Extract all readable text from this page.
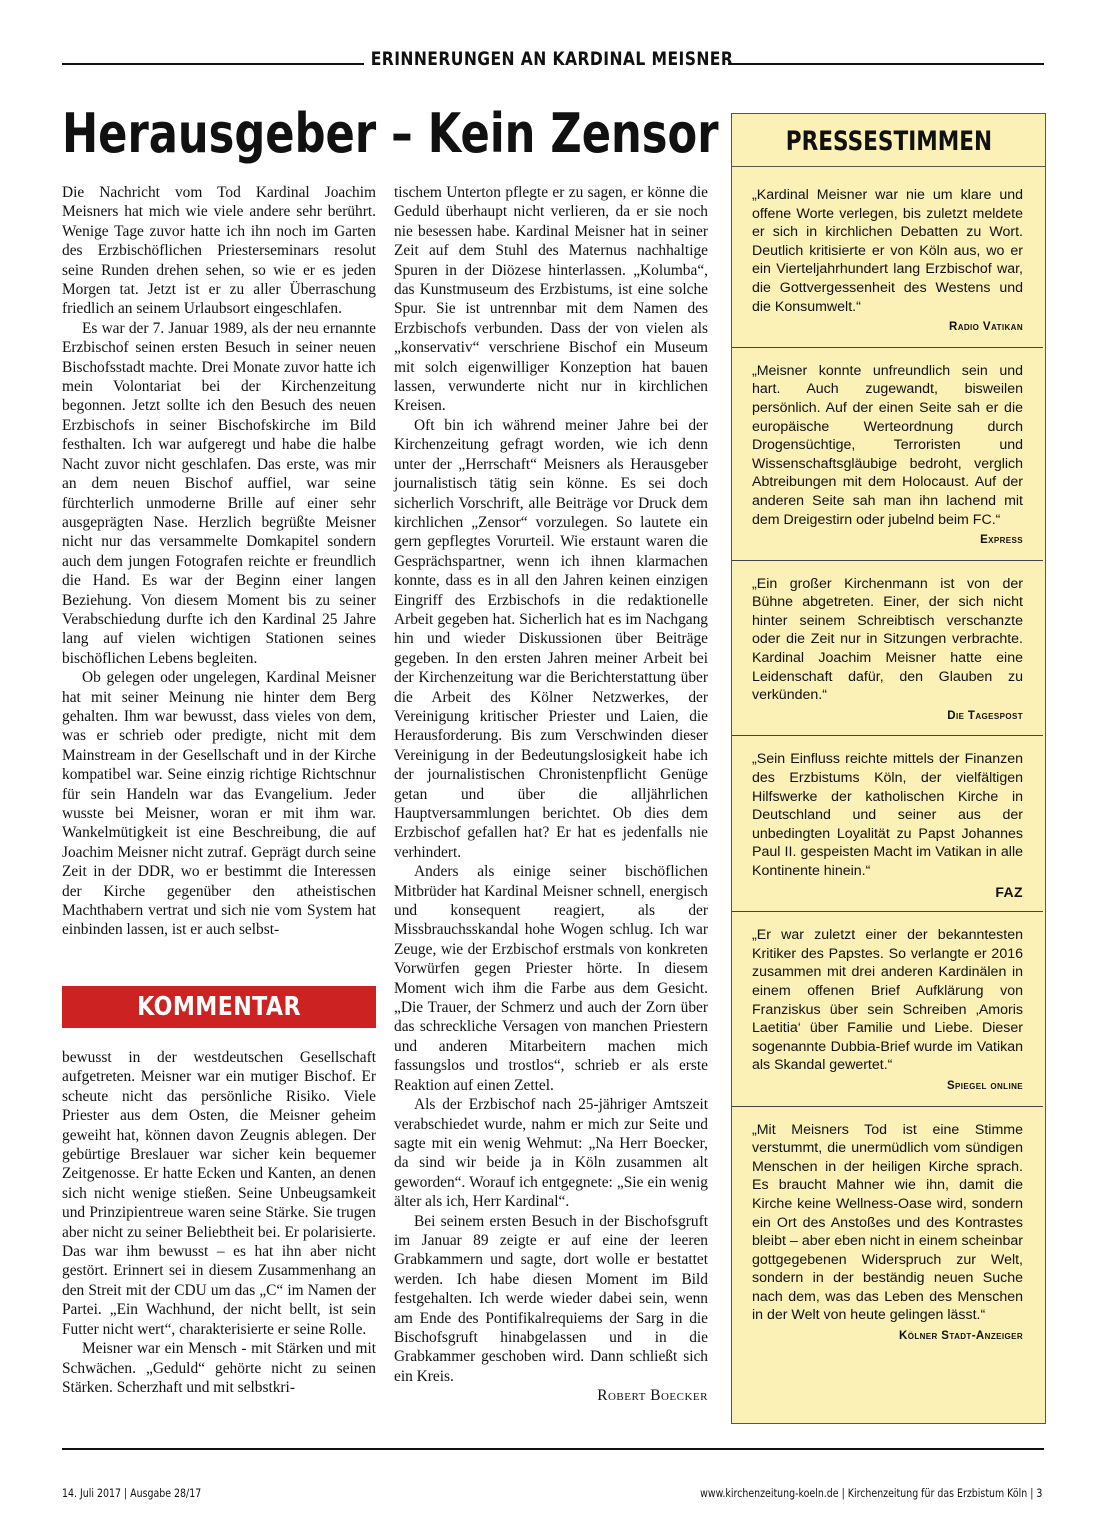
ERINNERUNGEN AN KARDINAL MEISNER
Herausgeber – Kein Zensor

Die Nachricht vom Tod Kardinal Joachim Meisners hat mich wie viele andere sehr berührt. Wenige Tage zuvor hatte ich ihn noch im Garten des Erzbischöflichen Priesterseminars resolut seine Runden drehen sehen, so wie er es jeden Morgen tat. Jetzt ist er zu aller Überraschung friedlich an seinem Urlaubsort eingeschlafen.

Es war der 7. Januar 1989, als der neu ernannte Erzbischof seinen ersten Besuch in seiner neuen Bischofsstadt machte. Drei Monate zuvor hatte ich mein Volontariat bei der Kirchenzeitung begonnen. Jetzt sollte ich den Besuch des neuen Erzbischofs in seiner Bischofskirche im Bild festhalten. Ich war aufgeregt und habe die halbe Nacht zuvor nicht geschlafen. Das erste, was mir an dem neuen Bischof auffiel, war seine fürchterlich unmoderne Brille auf einer sehr ausgeprägten Nase. Herzlich begrüßte Meisner nicht nur das versammelte Domkapitel sondern auch dem jungen Fotografen reichte er freundlich die Hand. Es war der Beginn einer langen Beziehung. Von diesem Moment bis zu seiner Verabschiedung durfte ich den Kardinal 25 Jahre lang auf vielen wichtigen Stationen seines bischöflichen Lebens begleiten.

Ob gelegen oder ungelegen, Kardinal Meisner hat mit seiner Meinung nie hinter dem Berg gehalten. Ihm war bewusst, dass vieles von dem, was er schrieb oder predigte, nicht mit dem Mainstream in der Gesellschaft und in der Kirche kompatibel war. Seine einzig richtige Richtschnur für sein Handeln war das Evangelium. Jeder wusste bei Meisner, woran er mit ihm war. Wankelmütigkeit ist eine Beschreibung, die auf Joachim Meisner nicht zutraf. Geprägt durch seine Zeit in der DDR, wo er bestimmt die Interessen der Kirche gegenüber den atheistischen Machthabern vertrat und sich nie vom System hat einbinden lassen, ist er auch selbst-

KOMMENTAR

bewusst in der westdeutschen Gesellschaft aufgetreten. Meisner war ein mutiger Bischof. Er scheute nicht das persönliche Risiko. Viele Priester aus dem Osten, die Meisner geheim geweiht hat, können davon Zeugnis ablegen. Der gebürtige Breslauer war sicher kein bequemer Zeitgenosse. Er hatte Ecken und Kanten, an denen sich nicht wenige stießen. Seine Unbeugsamkeit und Prinzipientreue waren seine Stärke. Sie trugen aber nicht zu seiner Beliebtheit bei. Er polarisierte. Das war ihm bewusst – es hat ihn aber nicht gestört. Erinnert sei in diesem Zusammenhang an den Streit mit der CDU um das „C“ im Namen der Partei. „Ein Wachhund, der nicht bellt, ist sein Futter nicht wert“, charakterisierte er seine Rolle.

Meisner war ein Mensch - mit Stärken und mit Schwächen. „Geduld“ gehörte nicht zu seinen Stärken. Scherzhaft und mit selbstkri-

tischem Unterton pflegte er zu sagen, er könne die Geduld überhaupt nicht verlieren, da er sie noch nie besessen habe. Kardinal Meisner hat in seiner Zeit auf dem Stuhl des Maternus nachhaltige Spuren in der Diözese hinterlassen. „Kolumba“, das Kunstmuseum des Erzbistums, ist eine solche Spur. Sie ist untrennbar mit dem Namen des Erzbischofs verbunden. Dass der von vielen als „konservativ“ verschriene Bischof ein Museum mit solch eigenwilliger Konzeption hat bauen lassen, verwunderte nicht nur in kirchlichen Kreisen.

Oft bin ich während meiner Jahre bei der Kirchenzeitung gefragt worden, wie ich denn unter der „Herrschaft“ Meisners als Herausgeber journalistisch tätig sein könne. Es sei doch sicherlich Vorschrift, alle Beiträge vor Druck dem kirchlichen „Zensor“ vorzulegen. So lautete ein gern gepflegtes Vorurteil. Wie erstaunt waren die Gesprächspartner, wenn ich ihnen klarmachen konnte, dass es in all den Jahren keinen einzigen Eingriff des Erzbischofs in die redaktionelle Arbeit gegeben hat. Sicherlich hat es im Nachgang hin und wieder Diskussionen über Beiträge gegeben. In den ersten Jahren meiner Arbeit bei der Kirchenzeitung war die Berichterstattung über die Arbeit des Kölner Netzwerkes, der Vereinigung kritischer Priester und Laien, die Herausforderung. Bis zum Verschwinden dieser Vereinigung in der Bedeutungslosigkeit habe ich der journalistischen Chronistenpflicht Genüge getan und über die alljährlichen Hauptversammlungen berichtet. Ob dies dem Erzbischof gefallen hat? Er hat es jedenfalls nie verhindert.

Anders als einige seiner bischöflichen Mitbrüder hat Kardinal Meisner schnell, energisch und konsequent reagiert, als der Missbrauchsskandal hohe Wogen schlug. Ich war Zeuge, wie der Erzbischof erstmals von konkreten Vorwürfen gegen Priester hörte. In diesem Moment wich ihm die Farbe aus dem Gesicht. „Die Trauer, der Schmerz und auch der Zorn über das schreckliche Versagen von manchen Priestern und anderen Mitarbeitern machen mich fassungslos und trostlos“, schrieb er als erste Reaktion auf einen Zettel.

Als der Erzbischof nach 25-jähriger Amtszeit verabschiedet wurde, nahm er mich zur Seite und sagte mit ein wenig Wehmut: „Na Herr Boecker, da sind wir beide ja in Köln zusammen alt geworden“. Worauf ich entgegnete: „Sie ein wenig älter als ich, Herr Kardinal“.

Bei seinem ersten Besuch in der Bischofsgruft im Januar 89 zeigte er auf eine der leeren Grabkammern und sagte, dort wolle er bestattet werden. Ich habe diesen Moment im Bild festgehalten. Ich werde wieder dabei sein, wenn am Ende des Pontifikalrequiems der Sarg in die Bischofsgruft hinabgelassen und in die Grabkammer geschoben wird. Dann schließt sich ein Kreis.

Robert Boecker
PRESSESTIMMEN
„Kardinal Meisner war nie um klare und offene Worte verlegen, bis zuletzt meldete er sich in kirchlichen Debatten zu Wort. Deutlich kritisierte er von Köln aus, wo er ein Vierteljahrhundert lang Erzbischof war, die Gottvergessenheit des Westens und die Konsumwelt.“
Radio Vatikan
„Meisner konnte unfreundlich sein und hart. Auch zugewandt, bisweilen persönlich. Auf der einen Seite sah er die europäische Werteordnung durch Drogensüchtige, Terroristen und Wissenschaftsgläubige bedroht, verglich Abtreibungen mit dem Holocaust. Auf der anderen Seite sah man ihn lachend mit dem Dreigestirn oder jubelnd beim FC.“
Express
„Ein großer Kirchenmann ist von der Bühne abgetreten. Einer, der sich nicht hinter seinem Schreibtisch verschanzte oder die Zeit nur in Sitzungen verbrachte. Kardinal Joachim Meisner hatte eine Leidenschaft dafür, den Glauben zu verkünden.“
Die Tagespost
„Sein Einfluss reichte mittels der Finanzen des Erzbistums Köln, der vielfältigen Hilfswerke der katholischen Kirche in Deutschland und seiner aus der unbedingten Loyalität zu Papst Johannes Paul II. gespeisten Macht im Vatikan in alle Kontinente hinein.“
FAZ
„Er war zuletzt einer der bekanntesten Kritiker des Papstes. So verlangte er 2016 zusammen mit drei anderen Kardinälen in einem offenen Brief Aufklärung von Franziskus über sein Schreiben ‚Amoris Laetitia‘ über Familie und Liebe. Dieser sogenannte Dubbia-Brief wurde im Vatikan als Skandal gewertet.“
Spiegel online
„Mit Meisners Tod ist eine Stimme verstummt, die unermüdlich vom sündigen Menschen in der heiligen Kirche sprach. Es braucht Mahner wie ihn, damit die Kirche keine Wellness-Oase wird, sondern ein Ort des Anstoßes und des Kontrastes bleibt – aber eben nicht in einem scheinbar gottgegebenen Widerspruch zur Welt, sondern in der beständig neuen Suche nach dem, was das Leben des Menschen in der Welt von heute gelingen lässt.“
Kölner Stadt-Anzeiger
14. Juli 2017 | Ausgabe 28/17	www.kirchenzeitung-koeln.de | Kirchenzeitung für das Erzbistum Köln | 3
